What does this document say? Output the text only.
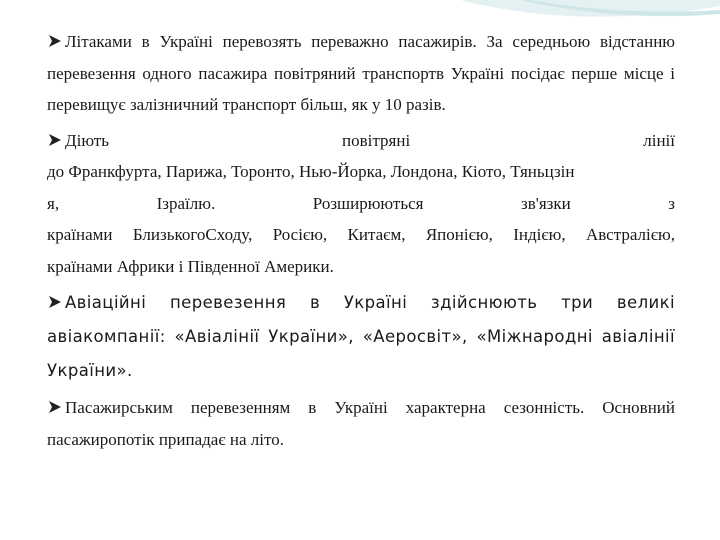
Літаками в Україні перевозять переважно пасажирів. За середньою відстанню перевезення одного пасажира повітряний транспортв Україні посідає перше місце і перевищує залізничний транспорт більш, як у 10 разів.

Діють повітряні лінії
до Франкфурта, Парижа, Торонто, Нью-Йорка, Лондона, Кіото, Тяньцзін
я, Ізраїлю. Розширюються зв'язки з
країнами БлизькогоСходу, Росією, Китаєм, Японією, Індією, Австралією,
країнами Африки і Південної Америки.

Авіаційні перевезення в Україні здійснюють три великі авіакомпанії: «Авіалінії України», «Аеросвіт», «Міжнародні авіалінії України».

Пасажирським перевезенням в Україні характерна сезонність. Основний пасажиропотік припадає на літо.
